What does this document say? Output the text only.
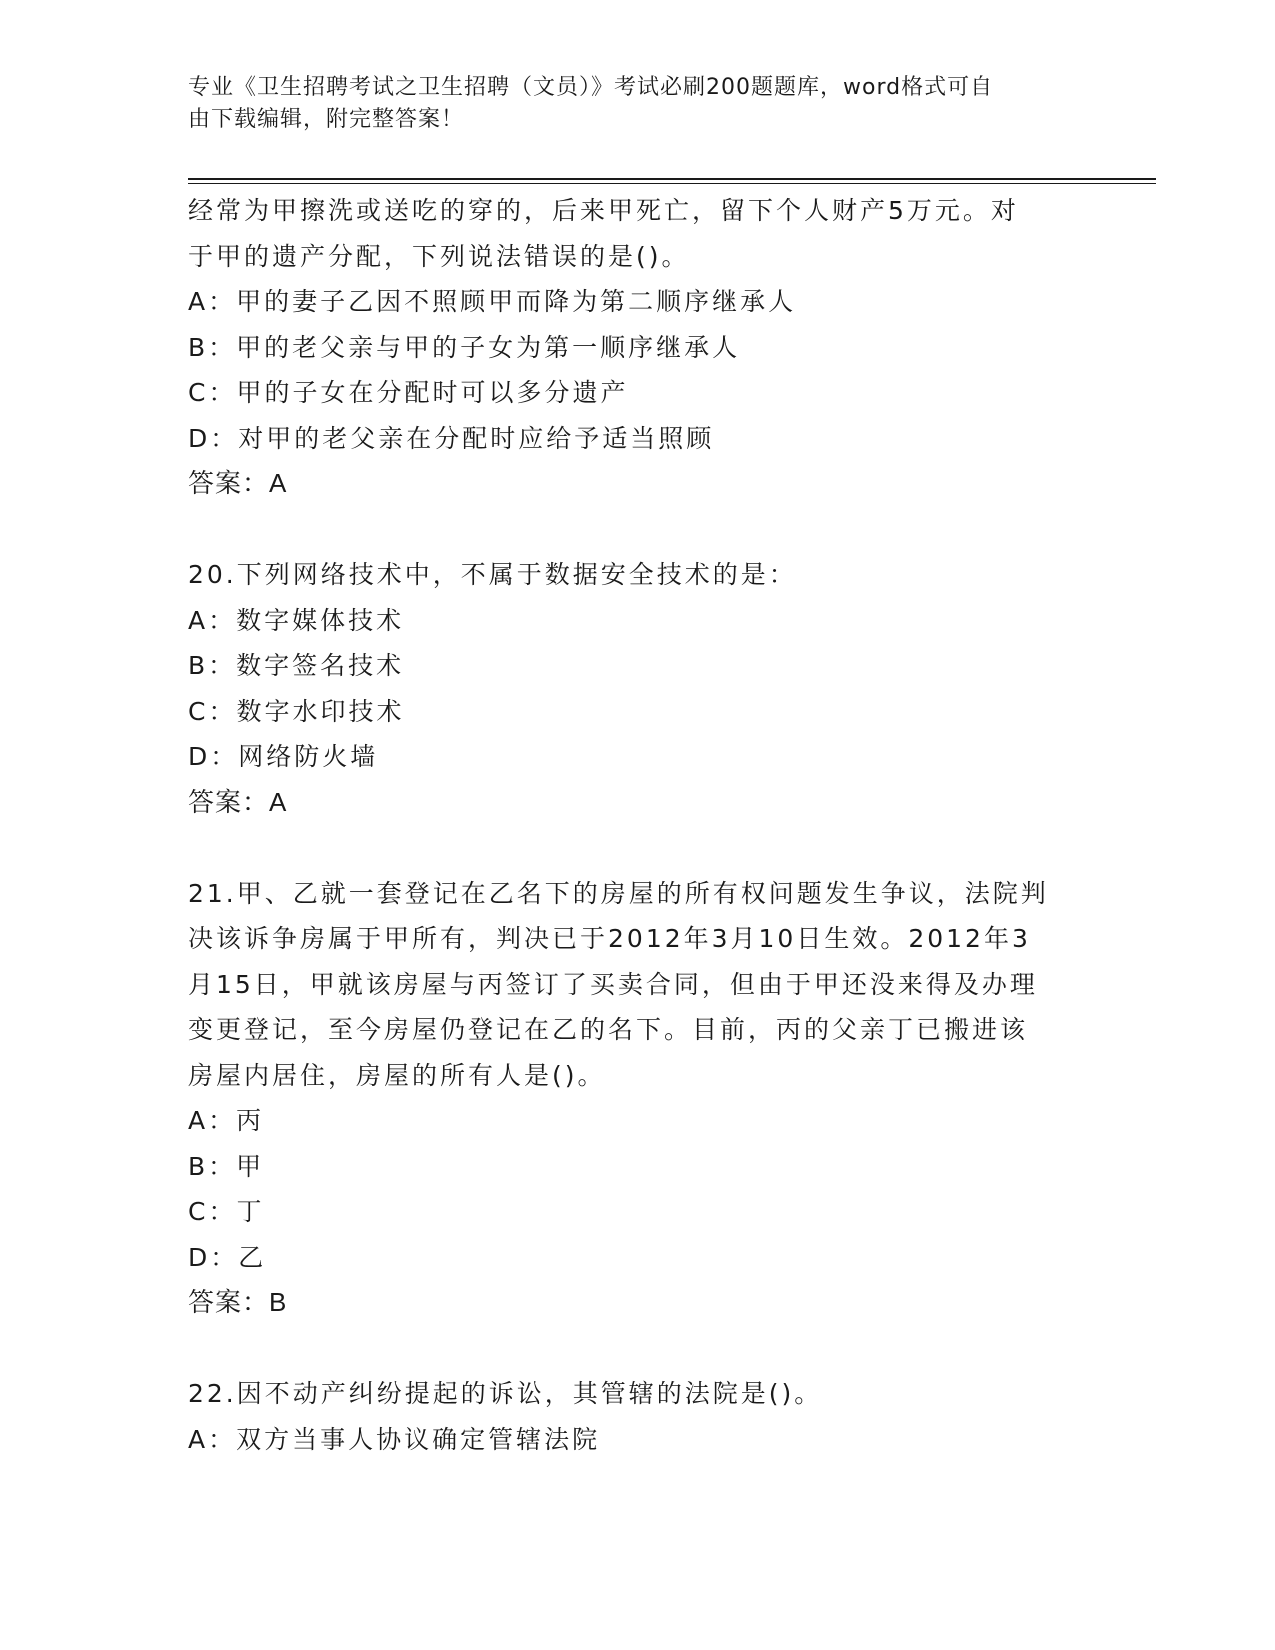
专业《卫生招聘考试之卫生招聘（文员）》考试必刷200题题库，word格式可自
由下载编辑，附完整答案！
经常为甲擦洗或送吃的穿的，后来甲死亡，留下个人财产5万元。对
于甲的遗产分配，下列说法错误的是()。
A：甲的妻子乙因不照顾甲而降为第二顺序继承人
B：甲的老父亲与甲的子女为第一顺序继承人
C：甲的子女在分配时可以多分遗产
D：对甲的老父亲在分配时应给予适当照顾
答案：A
20.下列网络技术中，不属于数据安全技术的是：
A：数字媒体技术
B：数字签名技术
C：数字水印技术
D：网络防火墙
答案：A
21.甲、乙就一套登记在乙名下的房屋的所有权问题发生争议，法院判
决该诉争房属于甲所有，判决已于2012年3月10日生效。2012年3
月15日，甲就该房屋与丙签订了买卖合同，但由于甲还没来得及办理
变更登记，至今房屋仍登记在乙的名下。目前，丙的父亲丁已搬进该
房屋内居住，房屋的所有人是()。
A：丙
B：甲
C：丁
D：乙
答案：B
22.因不动产纠纷提起的诉讼，其管辖的法院是()。
A：双方当事人协议确定管辖法院
